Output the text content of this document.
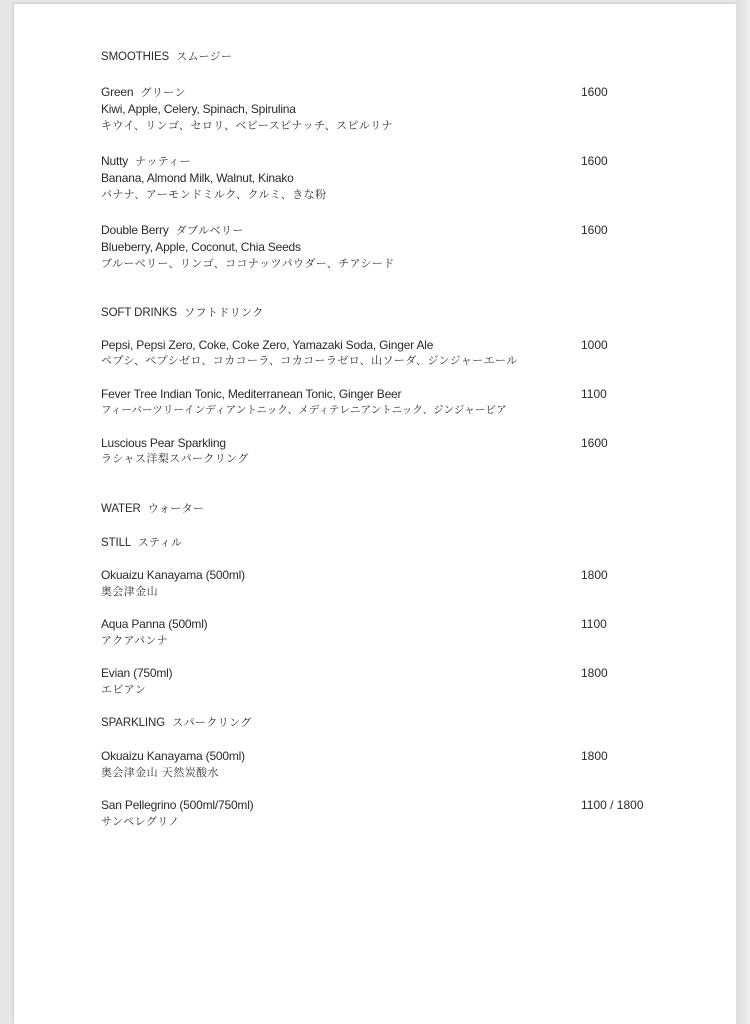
SMOOTHIES スムージー
Green グリーン	1600
Kiwi, Apple, Celery, Spinach, Spirulina
キウイ、リンゴ、セロリ、ベビースピナッチ、スピルリナ
Nutty ナッティー	1600
Banana, Almond Milk, Walnut, Kinako
バナナ、アーモンドミルク、クルミ、きな粉
Double Berry ダブルベリー	1600
Blueberry, Apple, Coconut, Chia Seeds
ブルーベリー、リンゴ、ココナッツパウダー、チアシード
SOFT DRINKS ソフトドリンク
Pepsi, Pepsi Zero, Coke, Coke Zero, Yamazaki Soda, Ginger Ale	1000
ペプシ、ペプシゼロ、コカコーラ、コカコーラゼロ、山ソーダ、ジンジャーエール
Fever Tree Indian Tonic, Mediterranean Tonic, Ginger Beer	1100
フィーバーツリーインディアントニック、メディテレニアントニック、ジンジャービア
Luscious Pear Sparkling	1600
ラシャス洋梨スパークリング
WATER ウォーター
STILL スティル
Okuaizu Kanayama (500ml)	1800
奥会津金山
Aqua Panna (500ml)	1100
アクアパンナ
Evian (750ml)	1800
エビアン
SPARKLING スパークリング
Okuaizu Kanayama (500ml)	1800
奥会津金山 天然炭酸水
San Pellegrino (500ml/750ml)	1100 / 1800
サンペレグリノ
